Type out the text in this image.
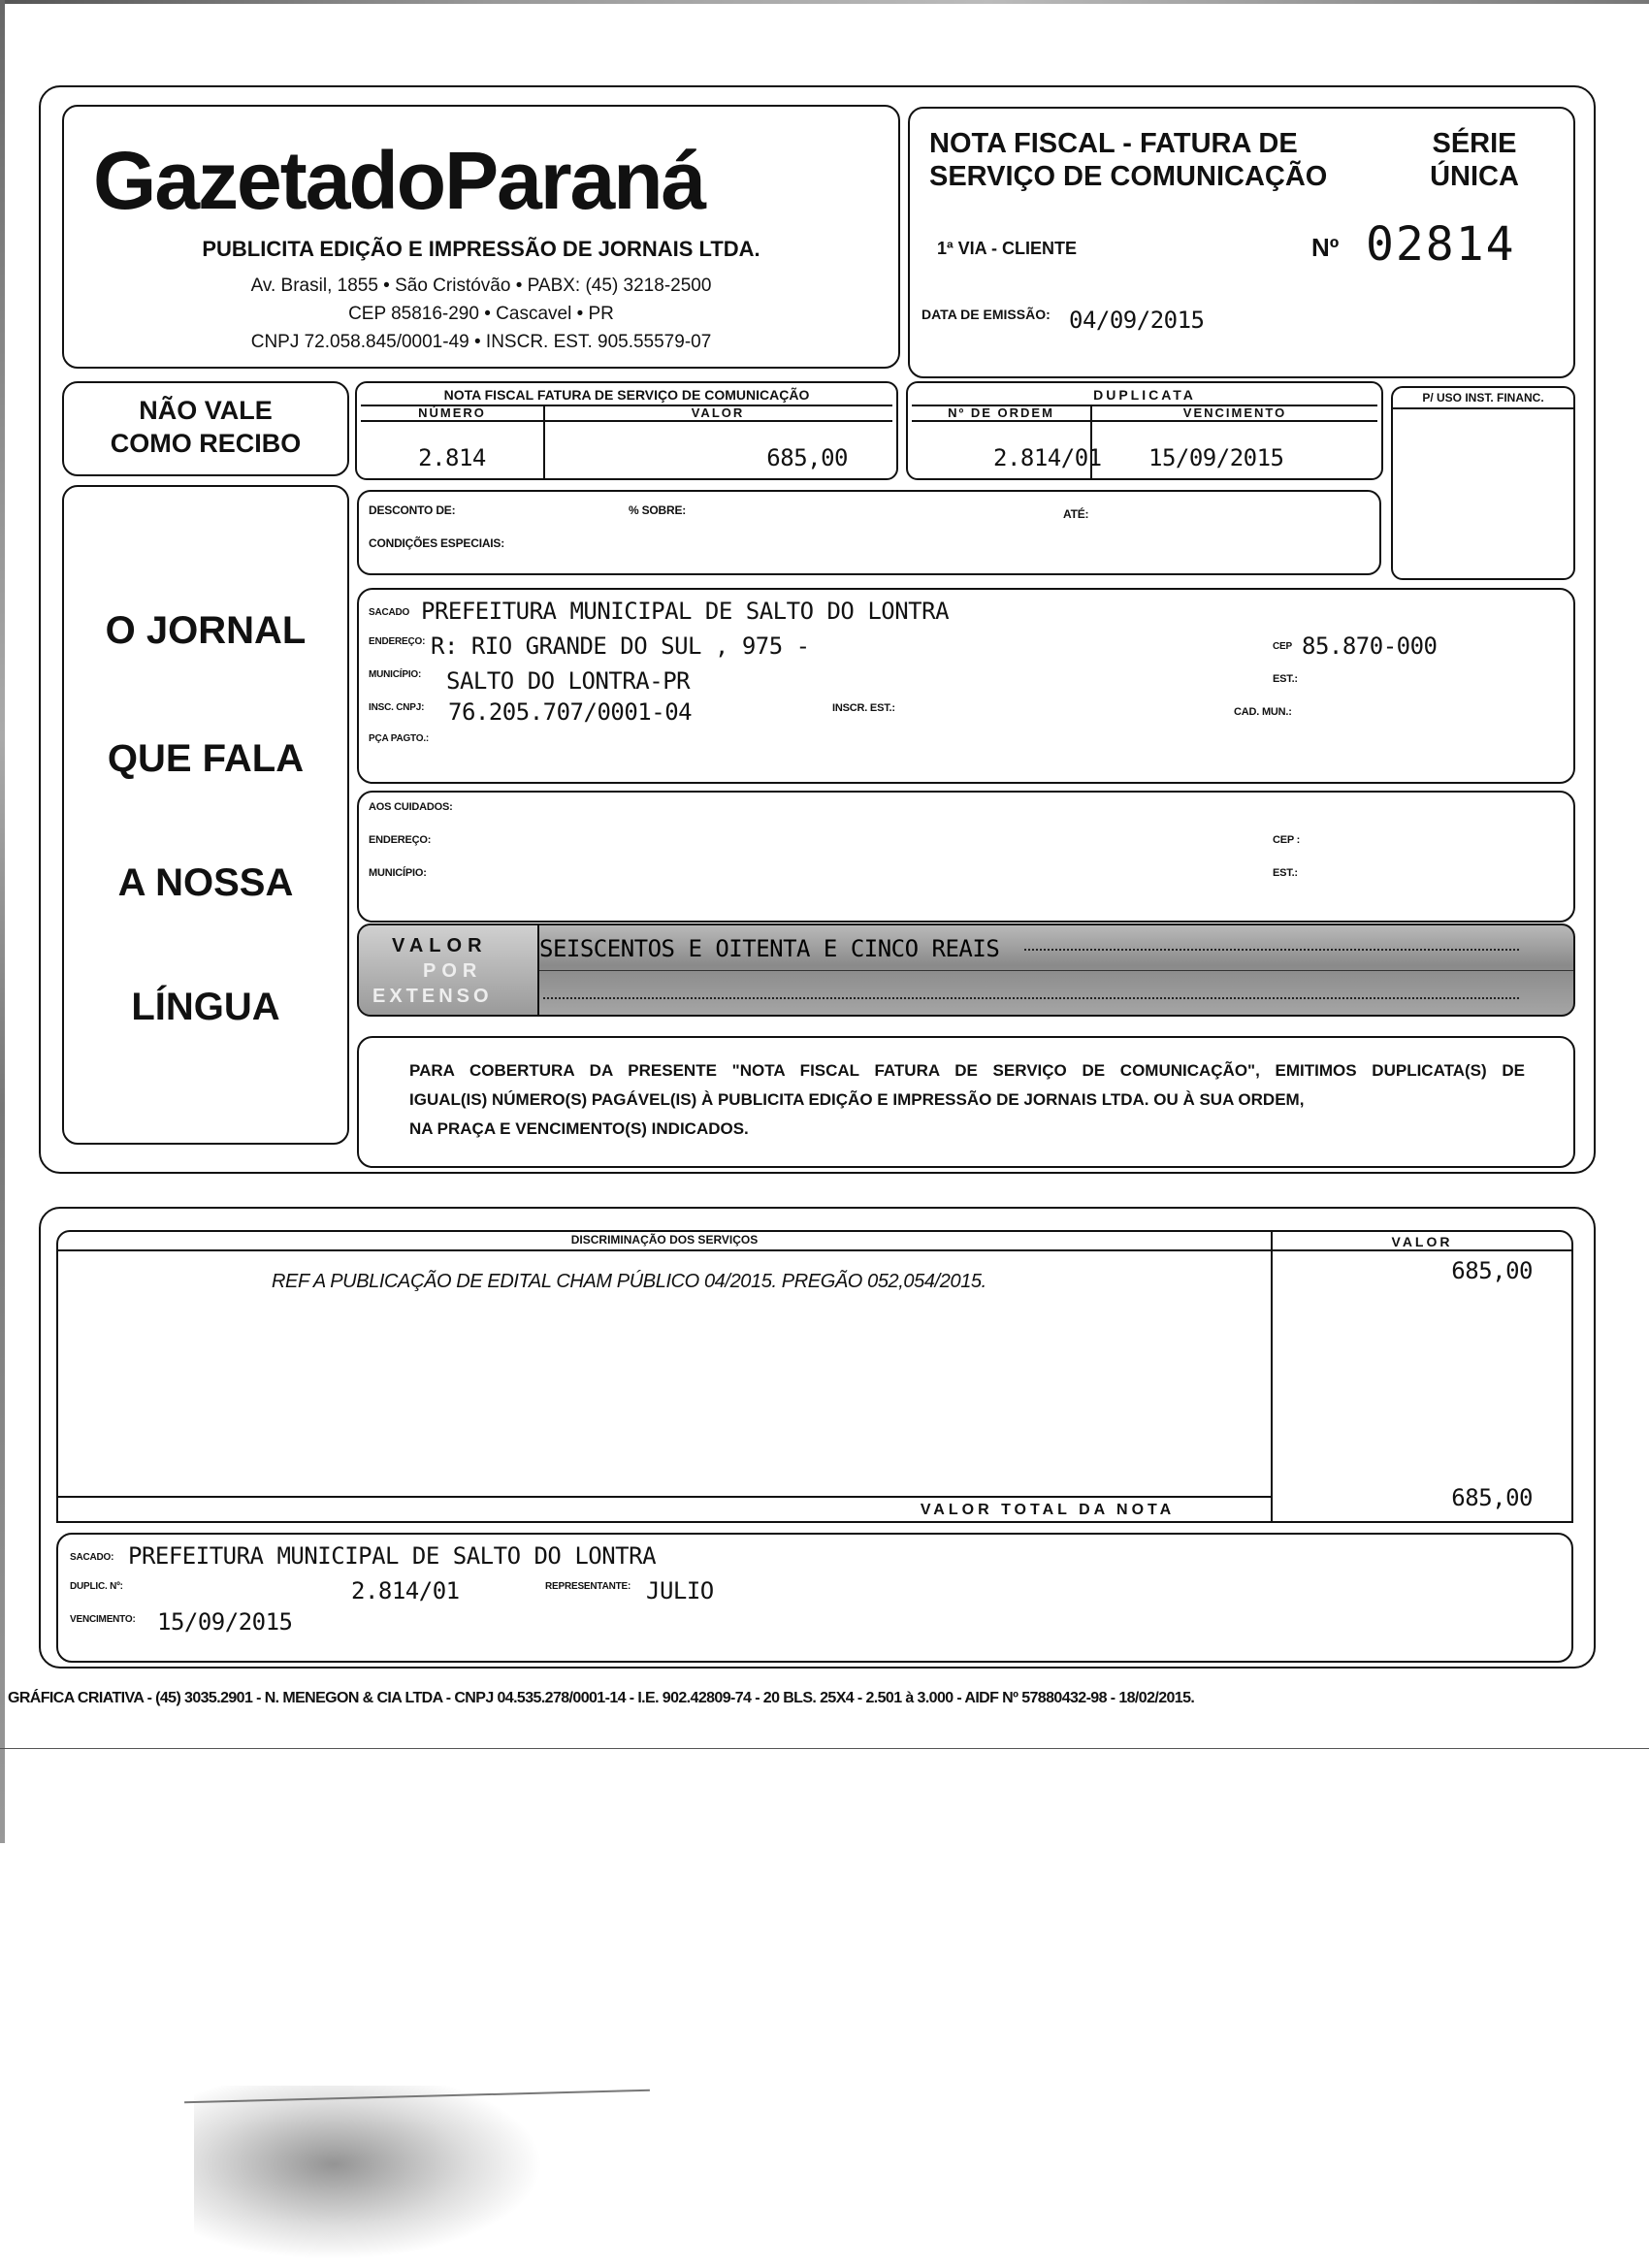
GazetadoParaná
PUBLICITA EDIÇÃO E IMPRESSÃO DE JORNAIS LTDA.
Av. Brasil, 1855 • São Cristóvão • PABX: (45) 3218-2500
CEP 85816-290 • Cascavel • PR
CNPJ 72.058.845/0001-49 • INSCR. EST. 905.55579-07
NOTA FISCAL - FATURA DE
SERVIÇO DE COMUNICAÇÃO
SÉRIE
ÚNICA
1ª VIA - CLIENTE	Nº 02814
DATA DE EMISSÃO: 04/09/2015
NÃO VALE
COMO RECIBO
NOTA FISCAL FATURA DE SERVIÇO DE COMUNICAÇÃO
NÚMERO	VALOR
2.814	685,00
DUPLICATA
Nº DE ORDEM	VENCIMENTO
2.814/01 15/09/2015
P/ USO INST. FINANC.
O JORNAL
QUE FALA
A NOSSA
LÍNGUA
DESCONTO DE:	% SOBRE:	ATÉ:
CONDIÇÕES ESPECIAIS:
SACADO PREFEITURA MUNICIPAL DE SALTO DO LONTRA
ENDEREÇO: R: RIO GRANDE DO SUL , 975 -	CEP 85.870-000
MUNICÍPIO: SALTO DO LONTRA-PR	EST.:
INSC. CNPJ: 76.205.707/0001-04	INSCR. EST.:	CAD. MUN.:
PÇA PAGTO.:
AOS CUIDADOS:
ENDEREÇO:	CEP :
MUNICÍPIO:	EST.:
VALOR
POR
EXTENSO
SEISCENTOS E OITENTA E CINCO REAIS
PARA COBERTURA DA PRESENTE "NOTA FISCAL FATURA DE SERVIÇO DE COMUNICAÇÃO", EMITIMOS DUPLICATA(S) DE
IGUAL(IS) NÚMERO(S) PAGÁVEL(IS) À PUBLICITA EDIÇÃO E IMPRESSÃO DE JORNAIS LTDA. OU À SUA ORDEM,
NA PRAÇA E VENCIMENTO(S) INDICADOS.
DISCRIMINAÇÃO DOS SERVIÇOS	VALOR
REF A PUBLICAÇÃO DE EDITAL CHAM PÚBLICO 04/2015. PREGÃO 052,054/2015.	685,00
VALOR TOTAL DA NOTA	685,00
SACADO: PREFEITURA MUNICIPAL DE SALTO DO LONTRA
DUPLIC. Nº:	2.814/01	REPRESENTANTE: JULIO
VENCIMENTO: 15/09/2015
GRÁFICA CRIATIVA - (45) 3035.2901 - N. MENEGON & CIA LTDA - CNPJ 04.535.278/0001-14 - I.E. 902.42809-74 - 20 BLS. 25X4 - 2.501 à 3.000 - AIDF Nº 57880432-98 - 18/02/2015.
